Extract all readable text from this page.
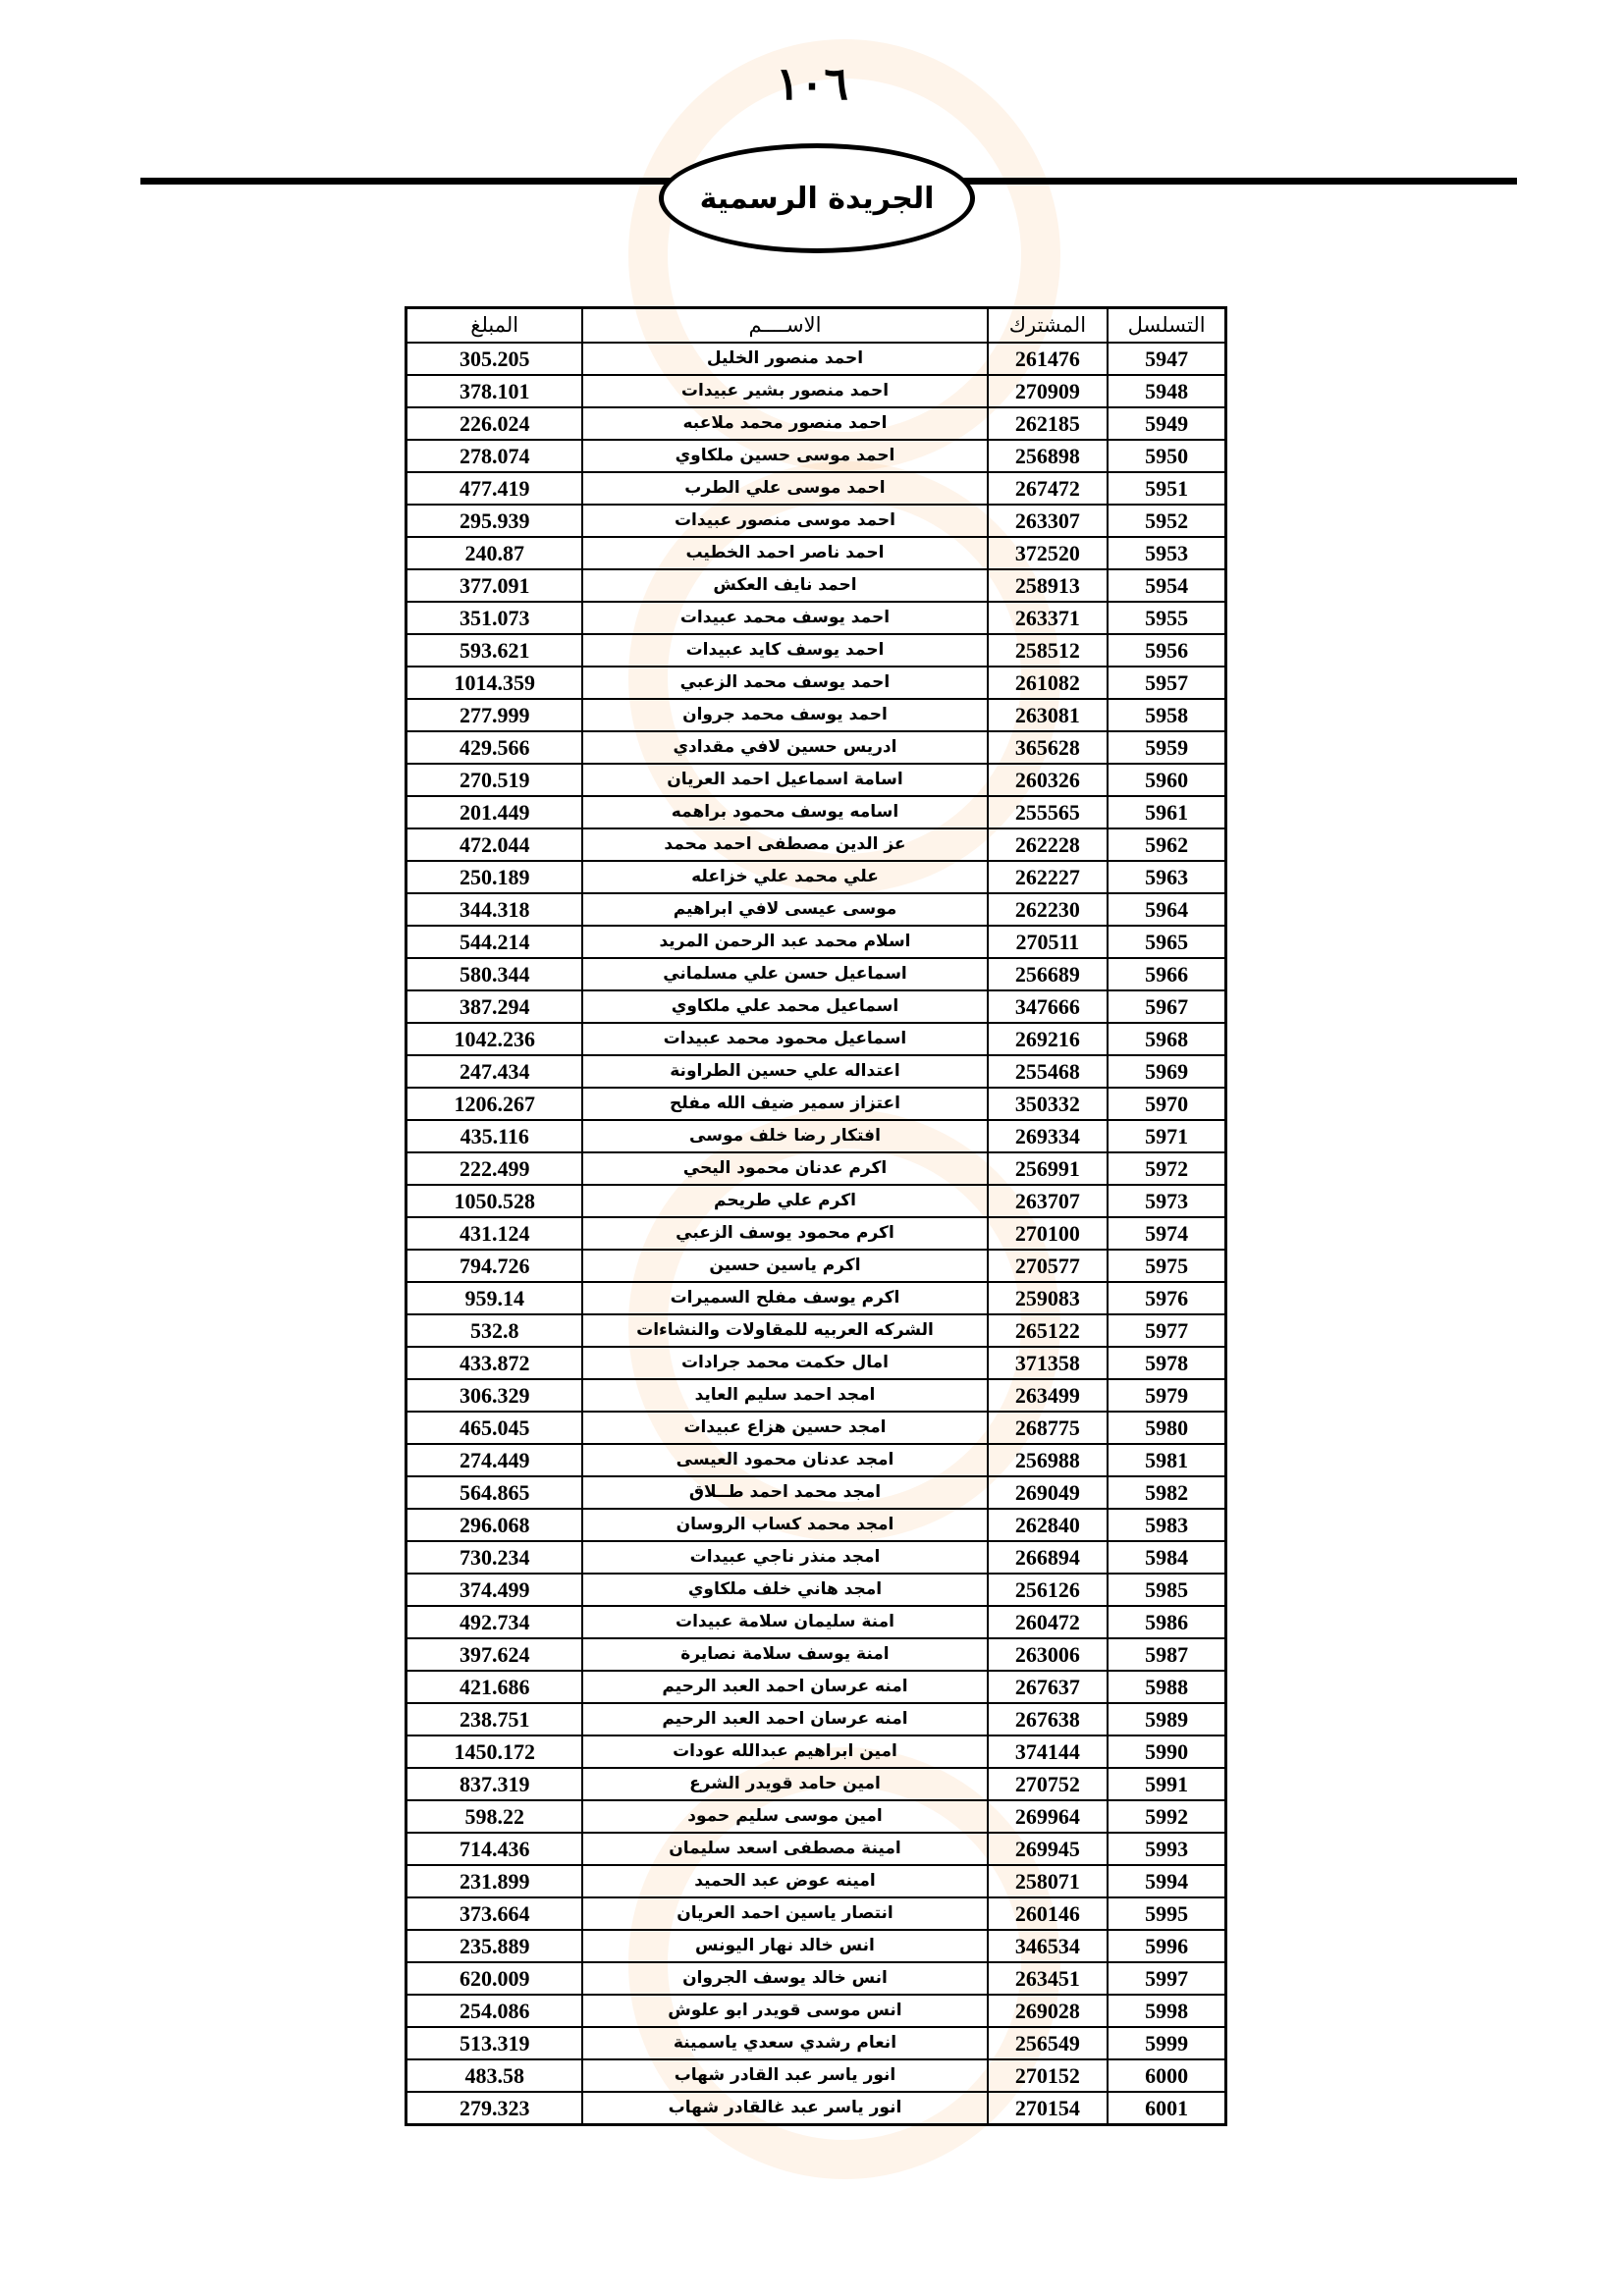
١٠٦
الجريدة الرسمية
التسلسل	المشترك	الاســــم	المبلغ
5947	261476	احمد منصور الخليل	305.205
5948	270909	احمد منصور بشير عبيدات	378.101
5949	262185	احمد منصور محمد ملاعبه	226.024
5950	256898	احمد موسى حسين ملكاوي	278.074
5951	267472	احمد موسى علي الطرب	477.419
5952	263307	احمد موسى منصور عبيدات	295.939
5953	372520	احمد ناصر احمد الخطيب	240.87
5954	258913	احمد نايف العكش	377.091
5955	263371	احمد يوسف محمد عبيدات	351.073
5956	258512	احمد يوسف كايد عبيدات	593.621
5957	261082	احمد يوسف محمد الزعبي	1014.359
5958	263081	احمد يوسف محمد جروان	277.999
5959	365628	ادريس حسين لافي مقدادي	429.566
5960	260326	اسامة اسماعيل احمد العريان	270.519
5961	255565	اسامه يوسف محمود براهمه	201.449
5962	262228	عز الدين مصطفى احمد محمد	472.044
5963	262227	علي محمد علي خزاعله	250.189
5964	262230	موسى عيسى لافي ابراهيم	344.318
5965	270511	اسلام محمد عبد الرحمن المريد	544.214
5966	256689	اسماعيل حسن علي مسلماني	580.344
5967	347666	اسماعيل محمد علي ملكاوي	387.294
5968	269216	اسماعيل محمود محمد عبيدات	1042.236
5969	255468	اعتداله علي حسين الطراونة	247.434
5970	350332	اعتزاز سمير ضيف الله مفلح	1206.267
5971	269334	افتكار رضا خلف موسى	435.116
5972	256991	اكرم عدنان محمود اليحي	222.499
5973	263707	اكرم علي طريحم	1050.528
5974	270100	اكرم محمود يوسف الزعبي	431.124
5975	270577	اكرم ياسين حسين	794.726
5976	259083	اكرم يوسف مفلح السميرات	959.14
5977	265122	الشركه العربيه للمقاولات والنشاءات	532.8
5978	371358	امال حكمت محمد جرادات	433.872
5979	263499	امجد احمد سليم العايد	306.329
5980	268775	امجد حسين هزاع عبيدات	465.045
5981	256988	امجد عدنان محمود العيسى	274.449
5982	269049	امجد محمد احمد طــلاق	564.865
5983	262840	امجد محمد كساب الروسان	296.068
5984	266894	امجد منذر ناجي عبيدات	730.234
5985	256126	امجد هاني خلف ملكاوي	374.499
5986	260472	امنة سليمان سلامة عبيدات	492.734
5987	263006	امنة يوسف سلامة نصايرة	397.624
5988	267637	امنه عرسان احمد العبد الرحيم	421.686
5989	267638	امنه عرسان احمد العبد الرحيم	238.751
5990	374144	امين ابراهيم عبدالله عودات	1450.172
5991	270752	امين حامد قويدر الشرع	837.319
5992	269964	امين موسى سليم حمود	598.22
5993	269945	امينة مصطفى اسعد سليمان	714.436
5994	258071	امينه عوض عبد الحميد	231.899
5995	260146	انتصار ياسين احمد العريان	373.664
5996	346534	انس خالد نهار اليونس	235.889
5997	263451	انس خالد يوسف الجروان	620.009
5998	269028	انس موسى قويدر ابو علوش	254.086
5999	256549	انعام رشدي سعدي ياسمينة	513.319
6000	270152	انور ياسر عبد القادر شهاب	483.58
6001	270154	انور ياسر عبد غالقادر شهاب	279.323
